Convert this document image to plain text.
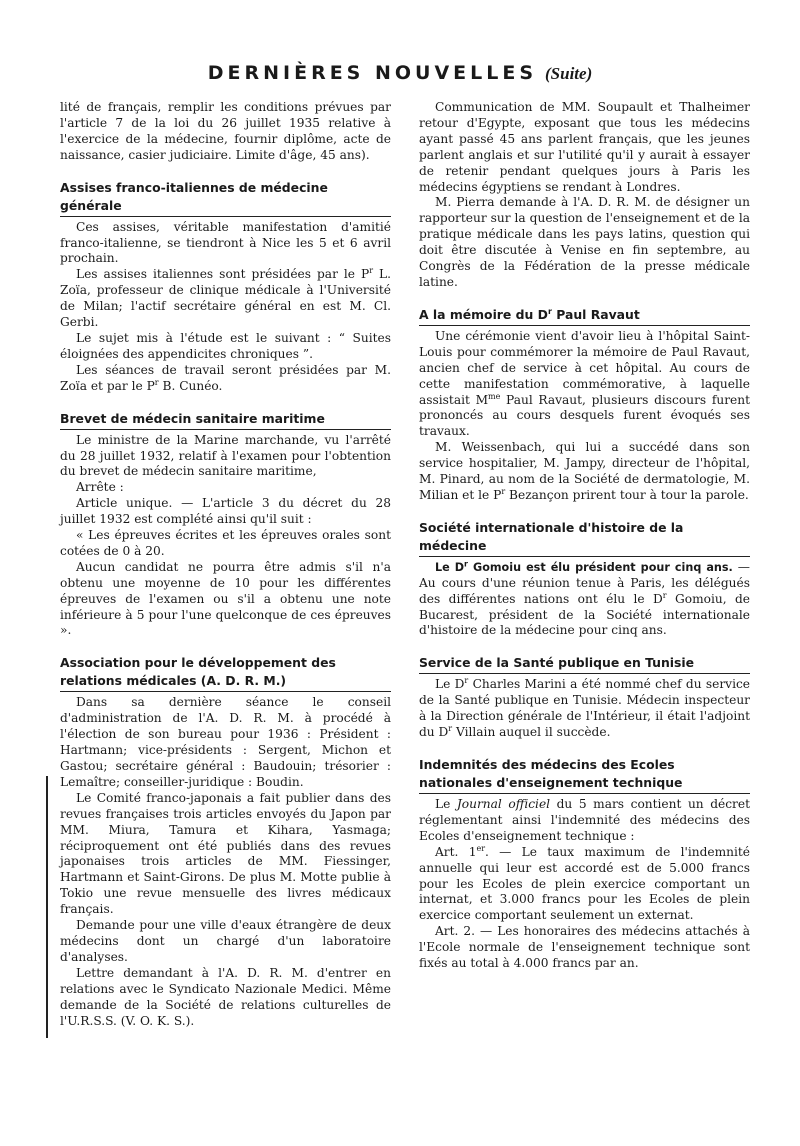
DERNIÈRES NOUVELLES (Suite)

lité de français, remplir les conditions prévues par l'article 7 de la loi du 26 juillet 1935 relative à l'exercice de la médecine, fournir diplôme, acte de naissance, casier judiciaire. Limite d'âge, 45 ans).

Assises franco-italiennes de médecine générale

Ces assises, véritable manifestation d'amitié franco-italienne, se tiendront à Nice les 5 et 6 avril prochain.

Les assises italiennes sont présidées par le $P^r$ L. Zoïa, professeur de clinique médicale à l'Université de Milan; l'actif secrétaire général en est M. Cl. Gerbi.

Le sujet mis à l'étude est le suivant : “ Suites éloignées des appendicites chroniques ”.

Les séances de travail seront présidées par M. Zoïa et par le $P^r$ B. Cunéo.

Brevet de médecin sanitaire maritime

Le ministre de la Marine marchande, vu l'arrêté du 28 juillet 1932, relatif à l'examen pour l'obtention du brevet de médecin sanitaire maritime,

Arrête :

Article unique. — L'article 3 du décret du 28 juillet 1932 est complété ainsi qu'il suit :

« Les épreuves écrites et les épreuves orales sont cotées de 0 à 20.

Aucun candidat ne pourra être admis s'il n'a obtenu une moyenne de 10 pour les différentes épreuves de l'examen ou s'il a obtenu une note inférieure à 5 pour l'une quelconque de ces épreuves ».

Association pour le développement des relations médicales (A. D. R. M.)

Dans sa dernière séance le conseil d'administration de l'A. D. R. M. à procédé à l'élection de son bureau pour 1936 : Président : Hartmann; vice-présidents : Sergent, Michon et Gastou; secrétaire général : Baudouin; trésorier : Lemaître; conseiller-juridique : Boudin.

Le Comité franco-japonais a fait publier dans des revues françaises trois articles envoyés du Japon par MM. Miura, Tamura et Kihara, Yasmaga; réciproquement ont été publiés dans des revues japonaises trois articles de MM. Fiessinger, Hartmann et Saint-Girons. De plus M. Motte publie à Tokio une revue mensuelle des livres médicaux français.

Demande pour une ville d'eaux étrangère de deux médecins dont un chargé d'un laboratoire d'analyses.

Lettre demandant à l'A. D. R. M. d'entrer en relations avec le Syndicato Nazionale Medici. Même demande de la Société de relations culturelles de l'U.R.S.S. (V. O. K. S.).

Communication de MM. Soupault et Thalheimer retour d'Egypte, exposant que tous les médecins ayant passé 45 ans parlent français, que les jeunes parlent anglais et sur l'utilité qu'il y aurait à essayer de retenir pendant quelques jours à Paris les médecins égyptiens se rendant à Londres.

M. Pierra demande à l'A. D. R. M. de désigner un rapporteur sur la question de l'enseignement et de la pratique médicale dans les pays latins, question qui doit être discutée à Venise en fin septembre, au Congrès de la Fédération de la presse médicale latine.

A la mémoire du $D^r$ Paul Ravaut

Une cérémonie vient d'avoir lieu à l'hôpital Saint-Louis pour commémorer la mémoire de Paul Ravaut, ancien chef de service à cet hôpital. Au cours de cette manifestation commémorative, à laquelle assistait $M^{me}$ Paul Ravaut, plusieurs discours furent prononcés au cours desquels furent évoqués ses travaux.

M. Weissenbach, qui lui a succédé dans son service hospitalier, M. Jampy, directeur de l'hôpital, M. Pinard, au nom de la Société de dermatologie, M. Milian et le $P^r$ Bezançon prirent tour à tour la parole.

Société internationale d'histoire de la médecine

Le $D^r$ Gomoiu est élu président pour cinq ans. — Au cours d'une réunion tenue à Paris, les délégués des différentes nations ont élu le $D^r$ Gomoiu, de Bucarest, président de la Société internationale d'histoire de la médecine pour cinq ans.

Service de la Santé publique en Tunisie

Le $D^r$ Charles Marini a été nommé chef du service de la Santé publique en Tunisie. Médecin inspecteur à la Direction générale de l'Intérieur, il était l'adjoint du $D^r$ Villain auquel il succède.

Indemnités des médecins des Ecoles nationales d'enseignement technique

Le Journal officiel du 5 mars contient un décret réglementant ainsi l'indemnité des médecins des Ecoles d'enseignement technique :

Art. 1er. — Le taux maximum de l'indemnité annuelle qui leur est accordé est de 5.000 francs pour les Ecoles de plein exercice comportant un internat, et 3.000 francs pour les Ecoles de plein exercice comportant seulement un externat.

Art. 2. — Les honoraires des médecins attachés à l'Ecole normale de l'enseignement technique sont fixés au total à 4.000 francs par an.
